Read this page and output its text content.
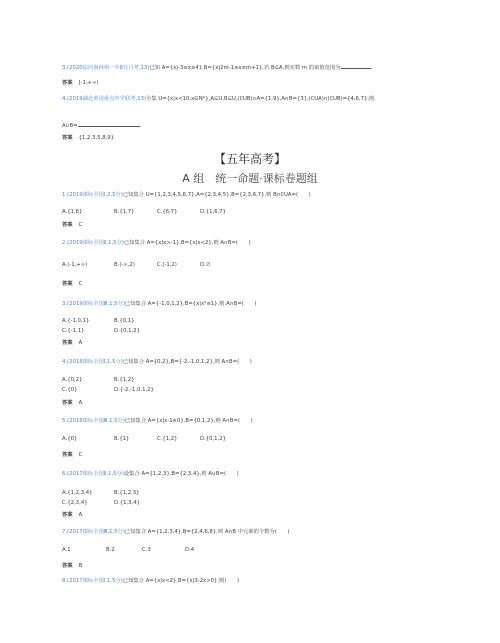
3.(2020届河南林州一中8月月考,13)已知 A={x|-3≤x≤4},B={x|2m-1≤x≤m+1},若 B⊆A,则实数 m 的取值范围为	.
答案 [-1,+∞)
4.(2019湖北黄冈重点中学联考,13)全集 U={x|x<10,x∈N*},A⊆U,B⊆U,(∁UB)∩A={1,9},A∩B={3},(∁UA)∩(∁UB)={4,6,7},则
A∪B=	.
答案 {1,2,3,5,8,9}
【五年高考】
A 组　统一命题·课标卷题组
1.(2019课标全国Ⅰ,2,5分)已知集合 U={1,2,3,4,5,6,7},A={2,3,4,5},B={2,3,6,7},则 B∩∁UA=(　　)
A.{1,6}	B.{1,7}	C.{6,7}	D.{1,6,7}
答案 C
2.(2019课标全国Ⅱ,1,5分)已知集合 A={x|x>-1},B={x|x<2},则 A∩B=(　　)
A.(-1,+∞)	B.(-∞,2)	C.(-1,2)	D.∅
答案 C
3.(2019课标全国Ⅲ,1,5分)已知集合 A={-1,0,1,2},B={x|x²≤1},则 A∩B=(　　)
A.{-1,0,1}	B.{0,1}
C.{-1,1}	D.{0,1,2}
答案 A
4.(2018课标全国Ⅰ,1,5分)已知集合 A={0,2},B={-2,-1,0,1,2},则 A∩B=(　　)
A.{0,2}	B.{1,2}
C.{0}	D.{-2,-1,0,1,2}
答案 A
5.(2018课标全国Ⅲ,1,5分)已知集合 A={x|x-1≥0},B={0,1,2},则 A∩B=(　　)
A.{0}	B.{1}	C.{1,2}	D.{0,1,2}
答案 C
6.(2017课标全国Ⅱ,1,5分)设集合 A={1,2,3},B={2,3,4},则 A∪B=(　　)
A.{1,2,3,4}	B.{1,2,3}
C.{2,3,4}	D.{1,3,4}
答案 A
7.(2017课标全国Ⅲ,1,5分)已知集合 A={1,2,3,4},B={2,4,6,8},则 A∩B 中元素的个数为(　　)
A.1	B.2	C.3	D.4
答案 B
8.(2017课标全国Ⅰ,1,5分)已知集合 A={x|x<2},B={x|3-2x>0},则(　　)
